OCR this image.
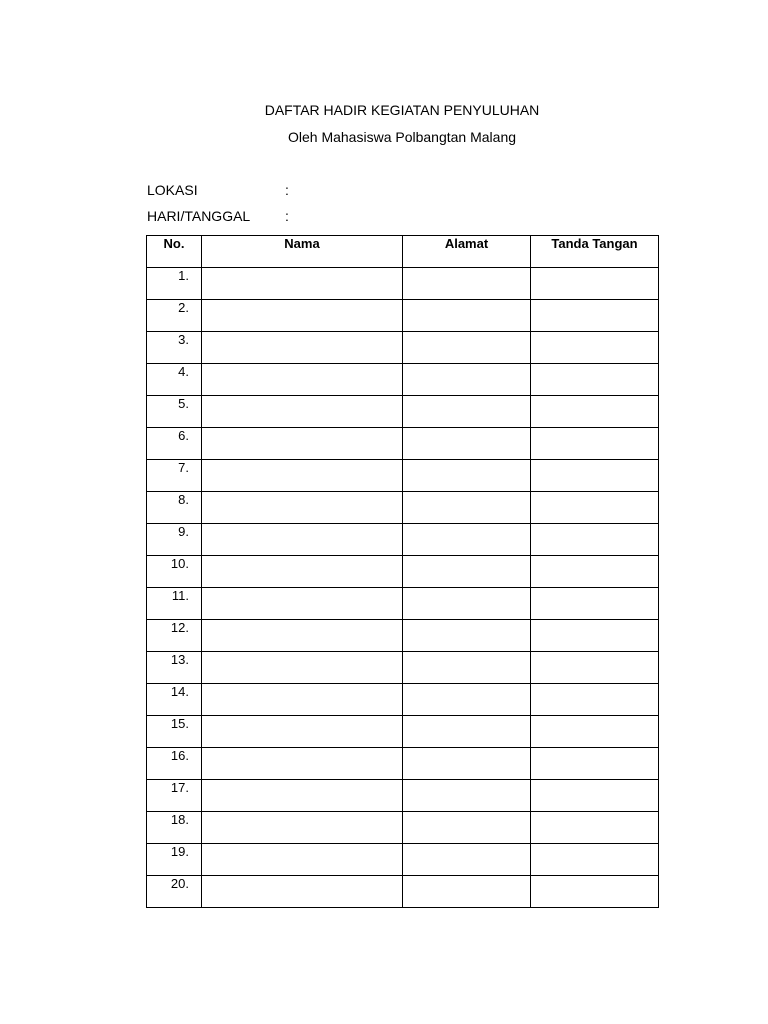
DAFTAR HADIR KEGIATAN PENYULUHAN
Oleh Mahasiswa Polbangtan Malang
LOKASI	:
HARI/TANGGAL :
No.	Nama	Alamat	Tanda Tangan
1.			
2.			
3.			
4.			
5.			
6.			
7.			
8.			
9.			
10.			
11.			
12.			
13.			
14.			
15.			
16.			
17.			
18.			
19.			
20.			
